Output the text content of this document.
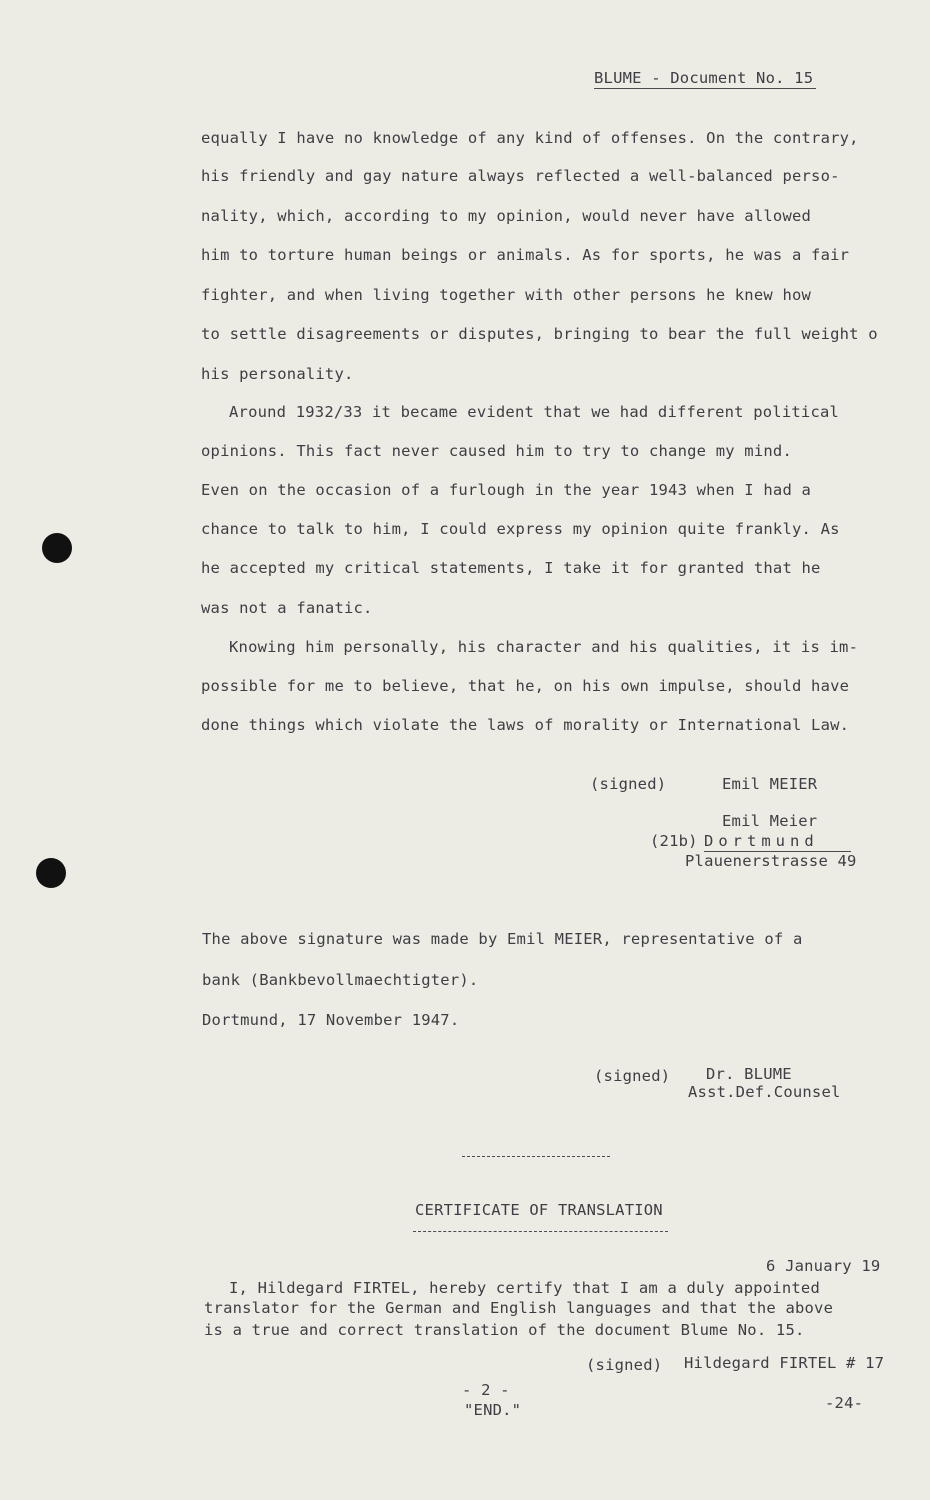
BLUME - Document No. 15
equally I have no knowledge of any kind of offenses. On the contrary,
his friendly and gay nature always reflected a well-balanced perso-
nality, which, according to my opinion, would never have allowed
him to torture human beings or animals. As for sports, he was a fair
fighter, and when living together with other persons he knew how
to settle disagreements or disputes, bringing to bear the full weight o
his personality.
Around 1932/33 it became evident that we had different political
opinions. This fact never caused him to try to change my mind.
Even on the occasion of a furlough in the year 1943 when I had a
chance to talk to him, I could express my opinion quite frankly. As
he accepted my critical statements, I take it for granted that he
was not a fanatic.
Knowing him personally, his character and his qualities, it is im-
possible for me to believe, that he, on his own impulse, should have
done things which violate the laws of morality or International Law.
(signed)	Emil MEIER
Emil Meier
(21b) Dortmund
Plauenerstrasse 49
The above signature was made by Emil MEIER, representative of a
bank (Bankbevollmaechtigter).
Dortmund, 17 November 1947.
(signed) Dr. BLUME
Asst.Def.Counsel
CERTIFICATE OF TRANSLATION
6 January 19
I, Hildegard FIRTEL, hereby certify that I am a duly appointed
translator for the German and English languages and that the above
is a true and correct translation of the document Blume No. 15.
(signed) Hildegard FIRTEL # 17
- 2 -
"END."	-24-
